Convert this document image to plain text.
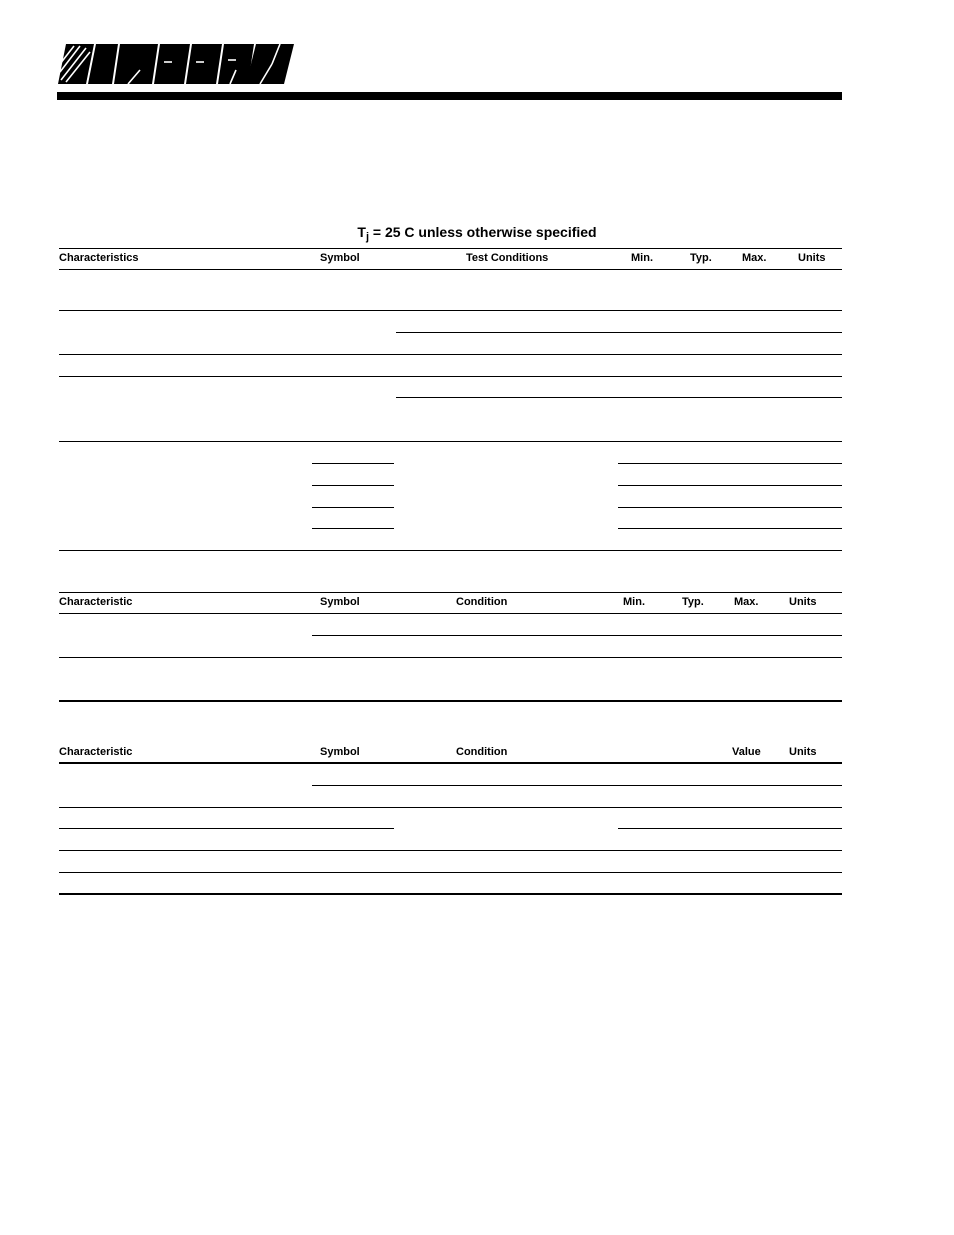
$T_j = 25$ C unless otherwise specified
Characteristics	Symbol	Test Conditions	Min.	Typ.	Max.	Units
Characteristic	Symbol	Condition	Min.	Typ.	Max.	Units
Characteristic	Symbol	Condition	Value	Units
